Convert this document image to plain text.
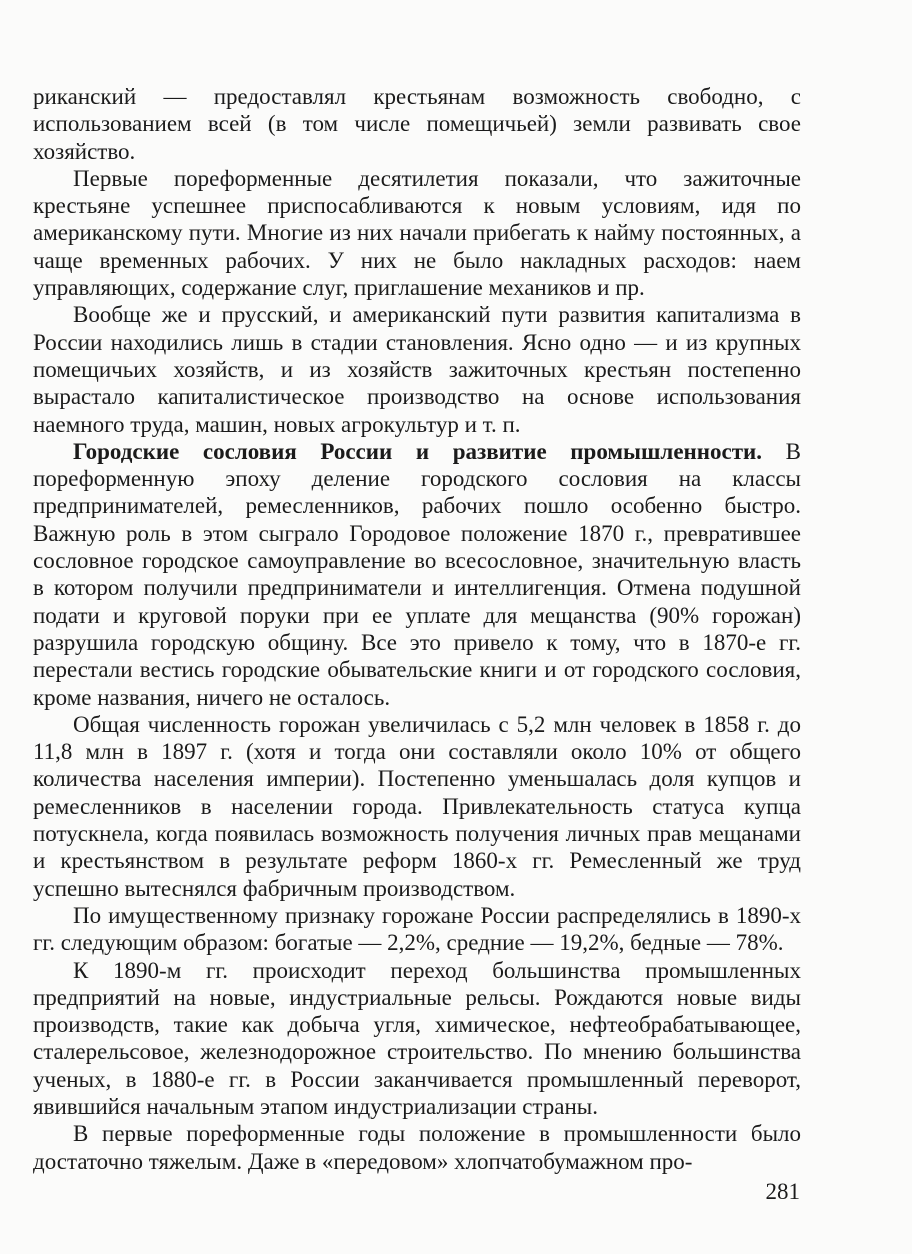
риканский — предоставлял крестьянам возможность свободно, с использованием всей (в том числе помещичьей) земли развивать свое хозяйство.

Первые пореформенные десятилетия показали, что зажиточные крестьяне успешнее приспосабливаются к новым условиям, идя по американскому пути. Многие из них начали прибегать к найму постоянных, а чаще временных рабочих. У них не было накладных расходов: наем управляющих, содержание слуг, приглашение механиков и пр.

Вообще же и прусский, и американский пути развития капитализма в России находились лишь в стадии становления. Ясно одно — и из крупных помещичьих хозяйств, и из хозяйств зажиточных крестьян постепенно вырастало капиталистическое производство на основе использования наемного труда, машин, новых агрокультур и т. п.

Городские сословия России и развитие промышленности. В пореформенную эпоху деление городского сословия на классы предпринимателей, ремесленников, рабочих пошло особенно быстро. Важную роль в этом сыграло Городовое положение 1870 г., превратившее сословное городское самоуправление во всесословное, значительную власть в котором получили предприниматели и интеллигенция. Отмена подушной подати и круговой поруки при ее уплате для мещанства (90% горожан) разрушила городскую общину. Все это привело к тому, что в 1870-е гг. перестали вестись городские обывательские книги и от городского сословия, кроме названия, ничего не осталось.

Общая численность горожан увеличилась с 5,2 млн человек в 1858 г. до 11,8 млн в 1897 г. (хотя и тогда они составляли около 10% от общего количества населения империи). Постепенно уменьшалась доля купцов и ремесленников в населении города. Привлекательность статуса купца потускнела, когда появилась возможность получения личных прав мещанами и крестьянством в результате реформ 1860-х гг. Ремесленный же труд успешно вытеснялся фабричным производством.

По имущественному признаку горожане России распределялись в 1890-х гг. следующим образом: богатые — 2,2%, средние — 19,2%, бедные — 78%.

К 1890-м гг. происходит переход большинства промышленных предприятий на новые, индустриальные рельсы. Рождаются новые виды производств, такие как добыча угля, химическое, нефтеобрабатывающее, сталерельсовое, железнодорожное строительство. По мнению большинства ученых, в 1880-е гг. в России заканчивается промышленный переворот, явившийся начальным этапом индустриализации страны.

В первые пореформенные годы положение в промышленности было достаточно тяжелым. Даже в «передовом» хлопчатобумажном про-

281
